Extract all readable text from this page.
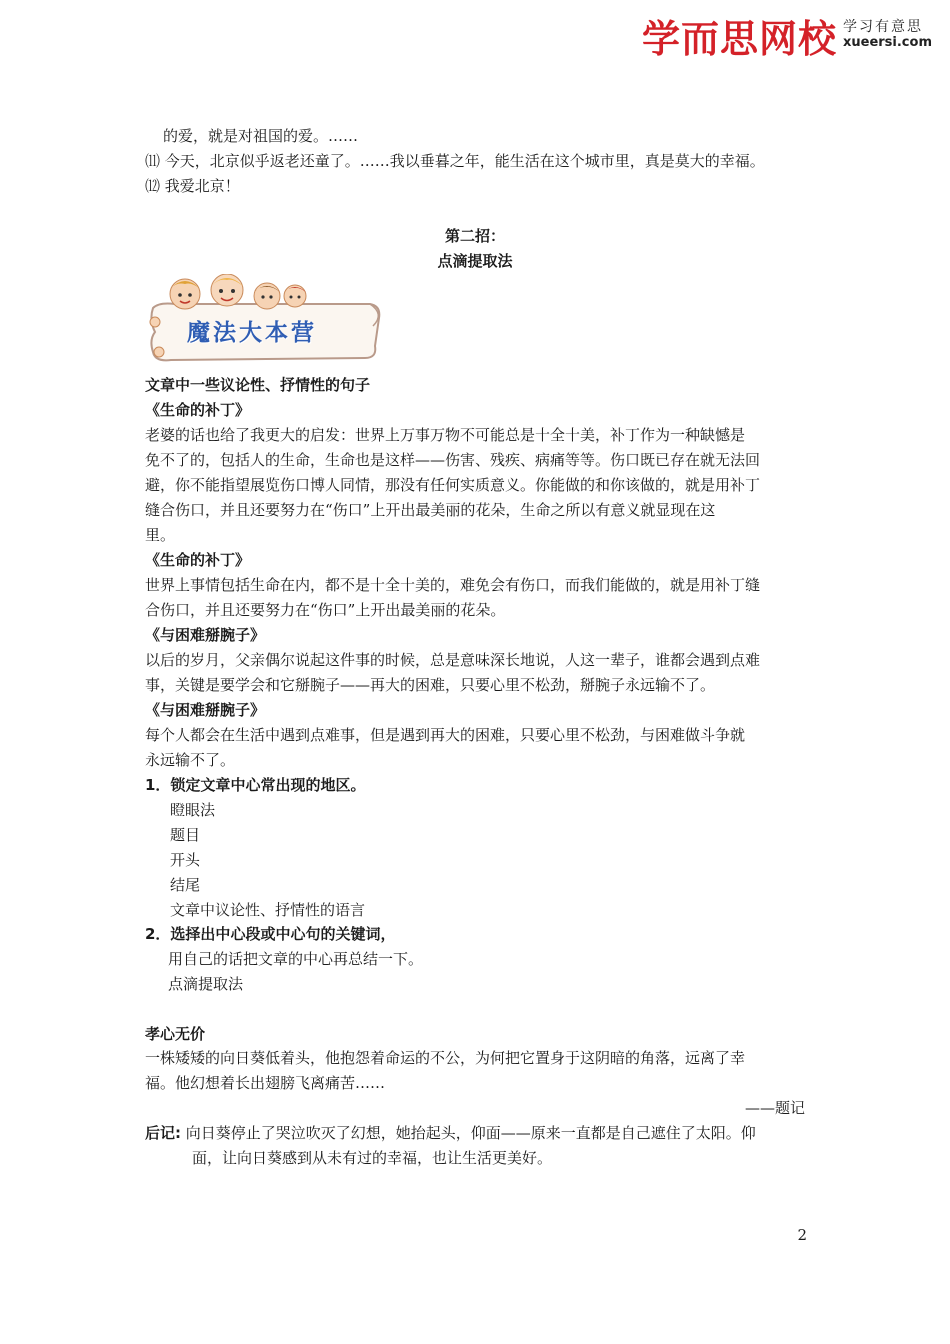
学而思网校 学习有意思
xueersi.com
的爱，就是对祖国的爱。……
⑾ 今天，北京似乎返老还童了。……我以垂暮之年，能生活在这个城市里，真是莫大的幸福。
⑿ 我爱北京！
第二招：
点滴提取法
魔法大本营
文章中一些议论性、抒情性的句子
《生命的补丁》
老婆的话也给了我更大的启发：世界上万事万物不可能总是十全十美，补丁作为一种缺憾是
免不了的，包括人的生命，生命也是这样——伤害、残疾、病痛等等。伤口既已存在就无法回
避，你不能指望展览伤口博人同情，那没有任何实质意义。你能做的和你该做的，就是用补丁
缝合伤口，并且还要努力在“伤口”上开出最美丽的花朵，生命之所以有意义就显现在这
里。
《生命的补丁》
世界上事情包括生命在内，都不是十全十美的，难免会有伤口，而我们能做的，就是用补丁缝
合伤口，并且还要努力在“伤口”上开出最美丽的花朵。
《与困难掰腕子》
以后的岁月，父亲偶尔说起这件事的时候，总是意味深长地说，人这一辈子，谁都会遇到点难
事，关键是要学会和它掰腕子——再大的困难，只要心里不松劲，掰腕子永远输不了。
《与困难掰腕子》
每个人都会在生活中遇到点难事，但是遇到再大的困难，只要心里不松劲，与困难做斗争就
永远输不了。
1．锁定文章中心常出现的地区。
瞪眼法
题目
开头
结尾
文章中议论性、抒情性的语言
2．选择出中心段或中心句的关键词，
用自己的话把文章的中心再总结一下。
点滴提取法
孝心无价
一株矮矮的向日葵低着头，他抱怨着命运的不公，为何把它置身于这阴暗的角落，远离了幸
福。他幻想着长出翅膀飞离痛苦……
——题记
后记: 向日葵停止了哭泣吹灭了幻想，她抬起头，仰面——原来一直都是自己遮住了太阳。仰
面，让向日葵感到从未有过的幸福，也让生活更美好。
2
